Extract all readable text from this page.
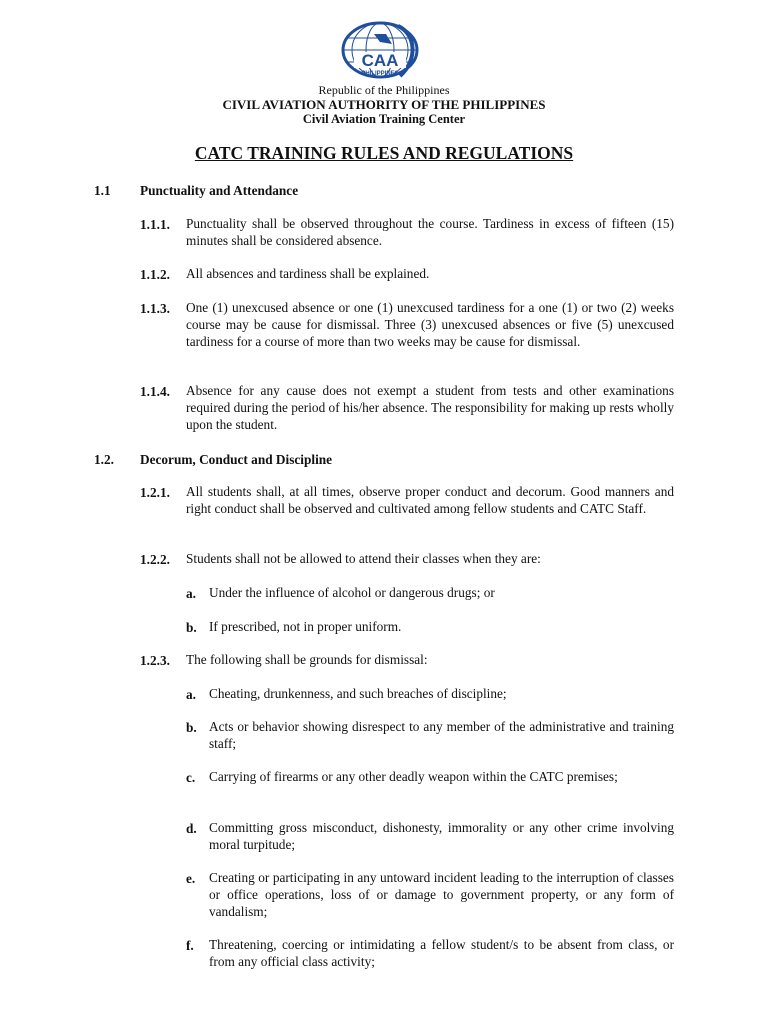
CAA
PHILIPPINES
Republic of the Philippines
CIVIL AVIATION AUTHORITY OF THE PHILIPPINES
Civil Aviation Training Center
CATC TRAINING RULES AND REGULATIONS
1.1 Punctuality and Attendance
1.1.1. Punctuality shall be observed throughout the course. Tardiness in excess of fifteen (15) minutes shall be considered absence.
1.1.2. All absences and tardiness shall be explained.
1.1.3. One (1) unexcused absence or one (1) unexcused tardiness for a one (1) or two (2) weeks course may be cause for dismissal. Three (3) unexcused absences or five (5) unexcused tardiness for a course of more than two weeks may be cause for dismissal.
1.1.4. Absence for any cause does not exempt a student from tests and other examinations required during the period of his/her absence. The responsibility for making up rests wholly upon the student.
1.2. Decorum, Conduct and Discipline
1.2.1. All students shall, at all times, observe proper conduct and decorum. Good manners and right conduct shall be observed and cultivated among fellow students and CATC Staff.
1.2.2. Students shall not be allowed to attend their classes when they are:
a. Under the influence of alcohol or dangerous drugs; or
b. If prescribed, not in proper uniform.
1.2.3. The following shall be grounds for dismissal:
a. Cheating, drunkenness, and such breaches of discipline;
b. Acts or behavior showing disrespect to any member of the administrative and training staff;
c. Carrying of firearms or any other deadly weapon within the CATC premises;
d. Committing gross misconduct, dishonesty, immorality or any other crime involving moral turpitude;
e. Creating or participating in any untoward incident leading to the interruption of classes or office operations, loss of or damage to government property, or any form of vandalism;
f. Threatening, coercing or intimidating a fellow student/s to be absent from class, or from any official class activity;
